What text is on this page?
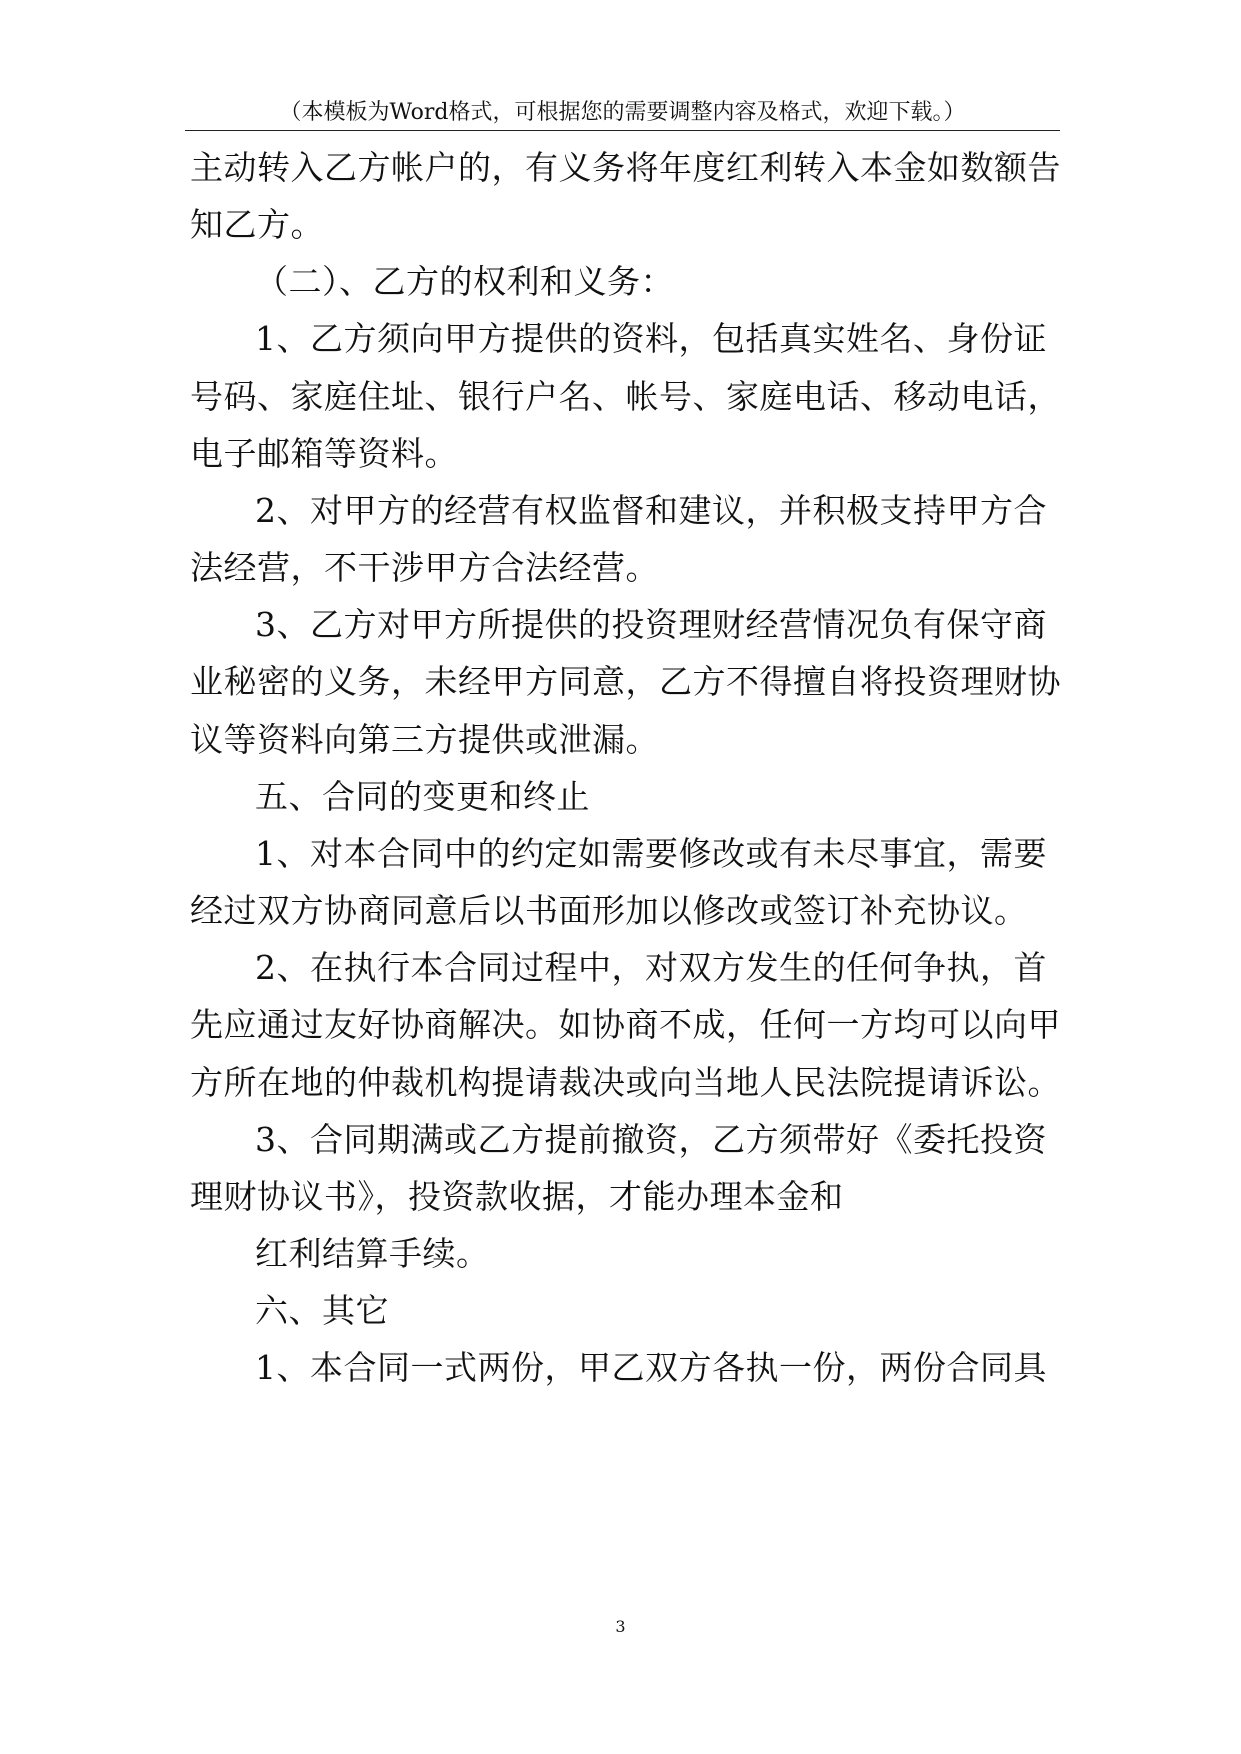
（本模板为Word格式，可根据您的需要调整内容及格式，欢迎下载。）
主动转入乙方帐户的，有义务将年度红利转入本金如数额告
知乙方。
（二）、乙方的权利和义务：
1、乙方须向甲方提供的资料，包括真实姓名、身份证
号码、家庭住址、银行户名、帐号、家庭电话、移动电话，
电子邮箱等资料。
2、对甲方的经营有权监督和建议，并积极支持甲方合
法经营，不干涉甲方合法经营。
3、乙方对甲方所提供的投资理财经营情况负有保守商
业秘密的义务，未经甲方同意，乙方不得擅自将投资理财协
议等资料向第三方提供或泄漏。
五、合同的变更和终止
1、对本合同中的约定如需要修改或有未尽事宜，需要
经过双方协商同意后以书面形加以修改或签订补充协议。
2、在执行本合同过程中，对双方发生的任何争执，首
先应通过友好协商解决。如协商不成，任何一方均可以向甲
方所在地的仲裁机构提请裁决或向当地人民法院提请诉讼。
3、合同期满或乙方提前撤资，乙方须带好《委托投资
理财协议书》，投资款收据，才能办理本金和
红利结算手续。
六、其它
1、本合同一式两份，甲乙双方各执一份，两份合同具
3
